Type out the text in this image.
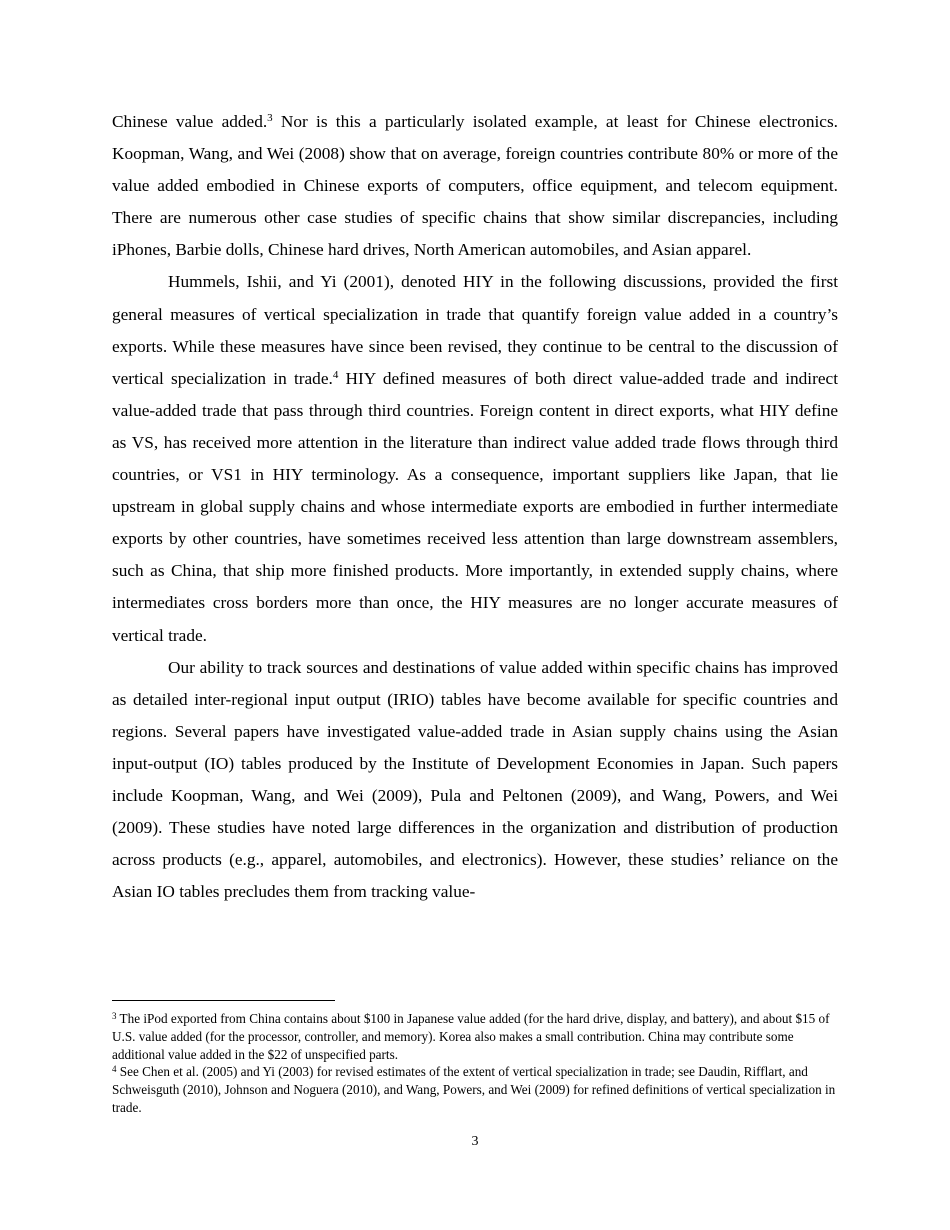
Chinese value added.$^3$ Nor is this a particularly isolated example, at least for Chinese electronics. Koopman, Wang, and Wei (2008) show that on average, foreign countries contribute 80% or more of the value added embodied in Chinese exports of computers, office equipment, and telecom equipment. There are numerous other case studies of specific chains that show similar discrepancies, including iPhones, Barbie dolls, Chinese hard drives, North American automobiles, and Asian apparel.

Hummels, Ishii, and Yi (2001), denoted HIY in the following discussions, provided the first general measures of vertical specialization in trade that quantify foreign value added in a country’s exports. While these measures have since been revised, they continue to be central to the discussion of vertical specialization in trade.$^4$ HIY defined measures of both direct value-added trade and indirect value-added trade that pass through third countries. Foreign content in direct exports, what HIY define as VS, has received more attention in the literature than indirect value added trade flows through third countries, or VS1 in HIY terminology. As a consequence, important suppliers like Japan, that lie upstream in global supply chains and whose intermediate exports are embodied in further intermediate exports by other countries, have sometimes received less attention than large downstream assemblers, such as China, that ship more finished products. More importantly, in extended supply chains, where intermediates cross borders more than once, the HIY measures are no longer accurate measures of vertical trade.

Our ability to track sources and destinations of value added within specific chains has improved as detailed inter-regional input output (IRIO) tables have become available for specific countries and regions. Several papers have investigated value-added trade in Asian supply chains using the Asian input-output (IO) tables produced by the Institute of Development Economies in Japan. Such papers include Koopman, Wang, and Wei (2009), Pula and Peltonen (2009), and Wang, Powers, and Wei (2009). These studies have noted large differences in the organization and distribution of production across products (e.g., apparel, automobiles, and electronics). However, these studies’ reliance on the Asian IO tables precludes them from tracking value-

$^3$ The iPod exported from China contains about $100 in Japanese value added (for the hard drive, display, and battery), and about $15 of U.S. value added (for the processor, controller, and memory). Korea also makes a small contribution. China may contribute some additional value added in the $22 of unspecified parts.

$^4$ See Chen et al. (2005) and Yi (2003) for revised estimates of the extent of vertical specialization in trade; see Daudin, Rifflart, and Schweisguth (2010), Johnson and Noguera (2010), and Wang, Powers, and Wei (2009) for refined definitions of vertical specialization in trade.

3
